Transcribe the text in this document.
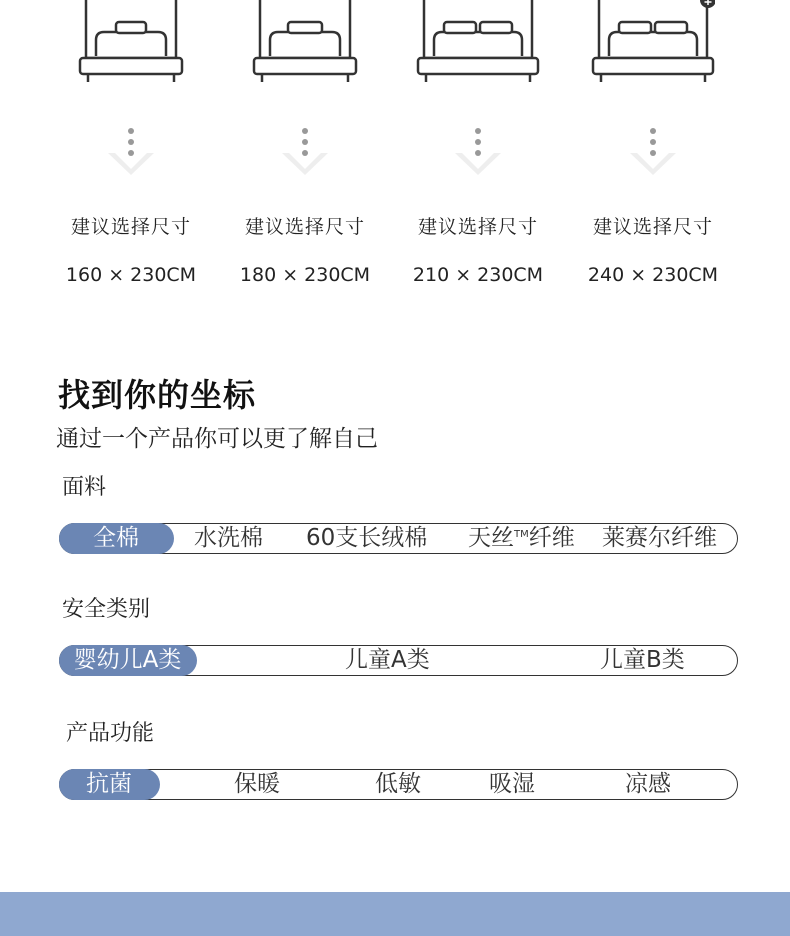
建议选择尺寸
160 × 230CM
建议选择尺寸
180 × 230CM
建议选择尺寸
210 × 230CM
建议选择尺寸
240 × 230CM
找到你的坐标
通过一个产品你可以更了解自己
面料
全棉	水洗棉 60支长绒棉 天丝™纤维 莱赛尔纤维
安全类别
婴幼儿A类	儿童A类	儿童B类
产品功能
抗菌	保暖	低敏	吸湿	凉感
